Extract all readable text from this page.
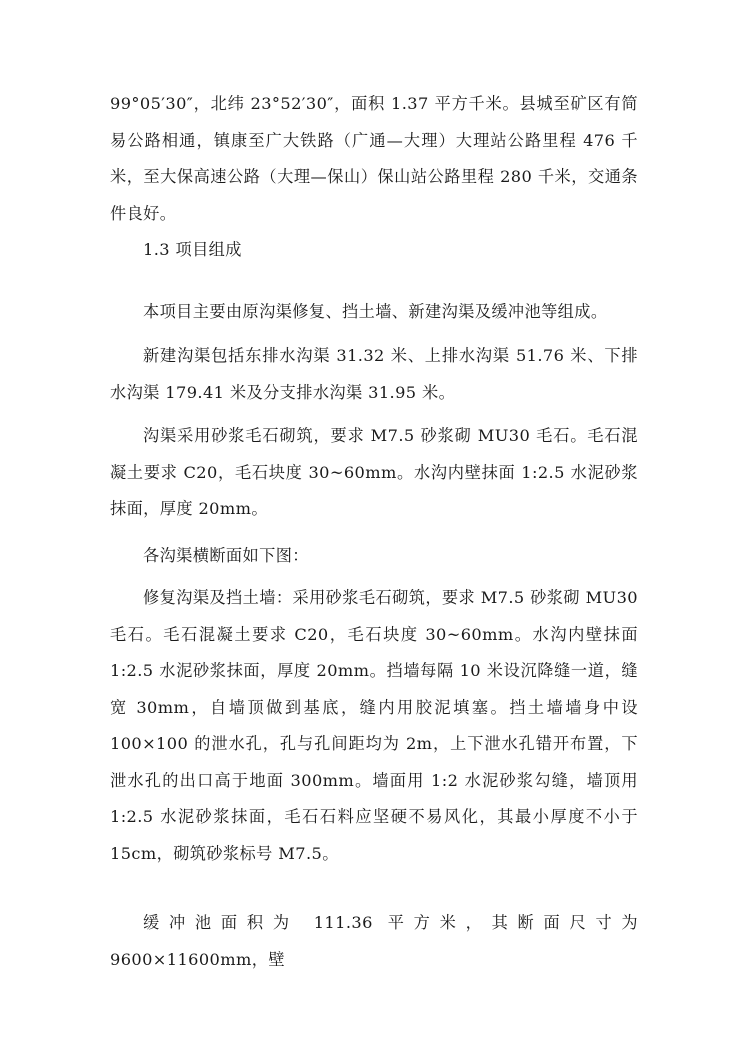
99°05′30″，北纬 23°52′30″，面积 1.37 平方千米。县城至矿区有简易公路相通，镇康至广大铁路（广通—大理）大理站公路里程 476 千米，至大保高速公路（大理—保山）保山站公路里程 280 千米，交通条件良好。

1.3 项目组成

本项目主要由原沟渠修复、挡土墙、新建沟渠及缓冲池等组成。

新建沟渠包括东排水沟渠 31.32 米、上排水沟渠 51.76 米、下排水沟渠 179.41 米及分支排水沟渠 31.95 米。

沟渠采用砂浆毛石砌筑，要求 M7.5 砂浆砌 MU30 毛石。毛石混凝土要求 C20，毛石块度 30~60mm。水沟内壁抹面 1:2.5 水泥砂浆抹面，厚度 20mm。

各沟渠横断面如下图：

修复沟渠及挡土墙：采用砂浆毛石砌筑，要求 M7.5 砂浆砌 MU30 毛石。毛石混凝土要求 C20，毛石块度 30~60mm。水沟内壁抹面 1:2.5 水泥砂浆抹面，厚度 20mm。挡墙每隔 10 米设沉降缝一道，缝宽 30mm，自墙顶做到基底，缝内用胶泥填塞。挡土墙墙身中设 100×100 的泄水孔，孔与孔间距均为 2m，上下泄水孔错开布置，下泄水孔的出口高于地面 300mm。墙面用 1:2 水泥砂浆勾缝，墙顶用 1:2.5 水泥砂浆抹面，毛石石料应坚硬不易风化，其最小厚度不小于 15cm，砌筑砂浆标号 M7.5。

缓冲池面积为 111.36 平方米，其断面尺寸为 9600×11600mm，壁
